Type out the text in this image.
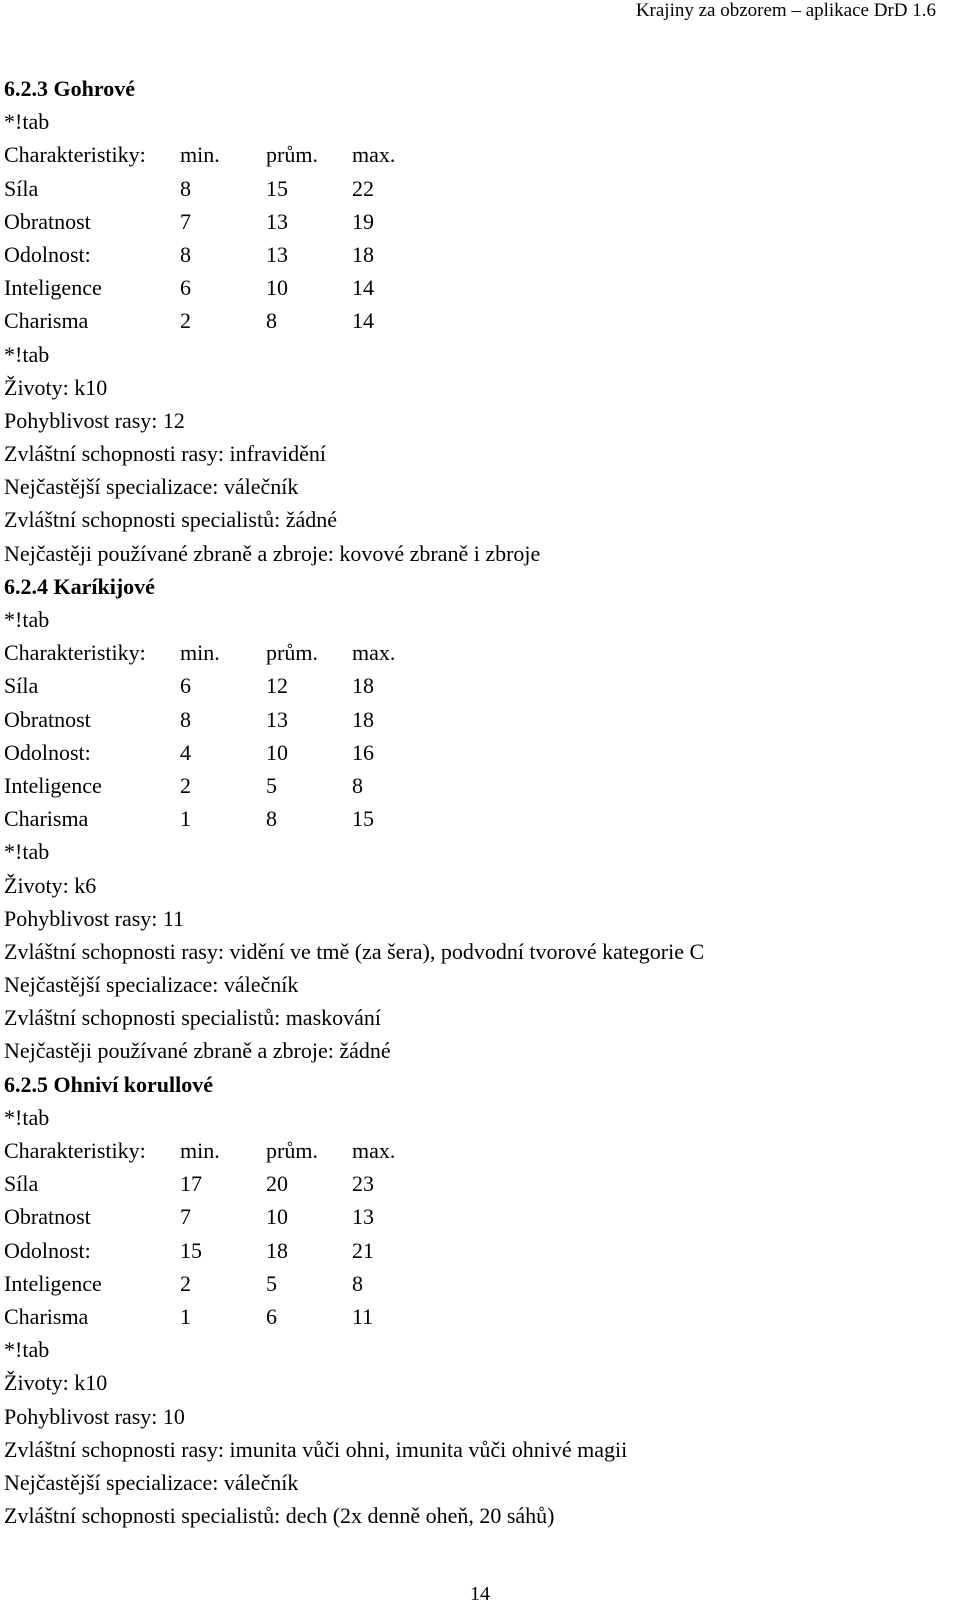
Krajiny za obzorem – aplikace DrD 1.6
6.2.3 Gohrové
*!tab
Charakteristiky: min. prům. max.
Síla	8	15	22
Obratnost	7	13	19
Odolnost:	8	13	18
Inteligence	6	10	14
Charisma	2	8	14
*!tab
Životy: k10
Pohyblivost rasy: 12
Zvláštní schopnosti rasy: infravidění
Nejčastější specializace: válečník
Zvláštní schopnosti specialistů: žádné
Nejčastěji používané zbraně a zbroje: kovové zbraně i zbroje
6.2.4 Karíkijové
*!tab
Charakteristiky: min. prům. max.
Síla	6	12	18
Obratnost	8	13	18
Odolnost:	4	10	16
Inteligence	2	5	8
Charisma	1	8	15
*!tab
Životy: k6
Pohyblivost rasy: 11
Zvláštní schopnosti rasy: vidění ve tmě (za šera), podvodní tvorové kategorie C
Nejčastější specializace: válečník
Zvláštní schopnosti specialistů: maskování
Nejčastěji používané zbraně a zbroje: žádné
6.2.5 Ohniví korullové
*!tab
Charakteristiky: min. prům. max.
Síla	17	20	23
Obratnost	7	10	13
Odolnost:	15	18	21
Inteligence	2	5	8
Charisma	1	6	11
*!tab
Životy: k10
Pohyblivost rasy: 10
Zvláštní schopnosti rasy: imunita vůči ohni, imunita vůči ohnivé magii
Nejčastější specializace: válečník
Zvláštní schopnosti specialistů: dech (2x denně oheň, 20 sáhů)
14
